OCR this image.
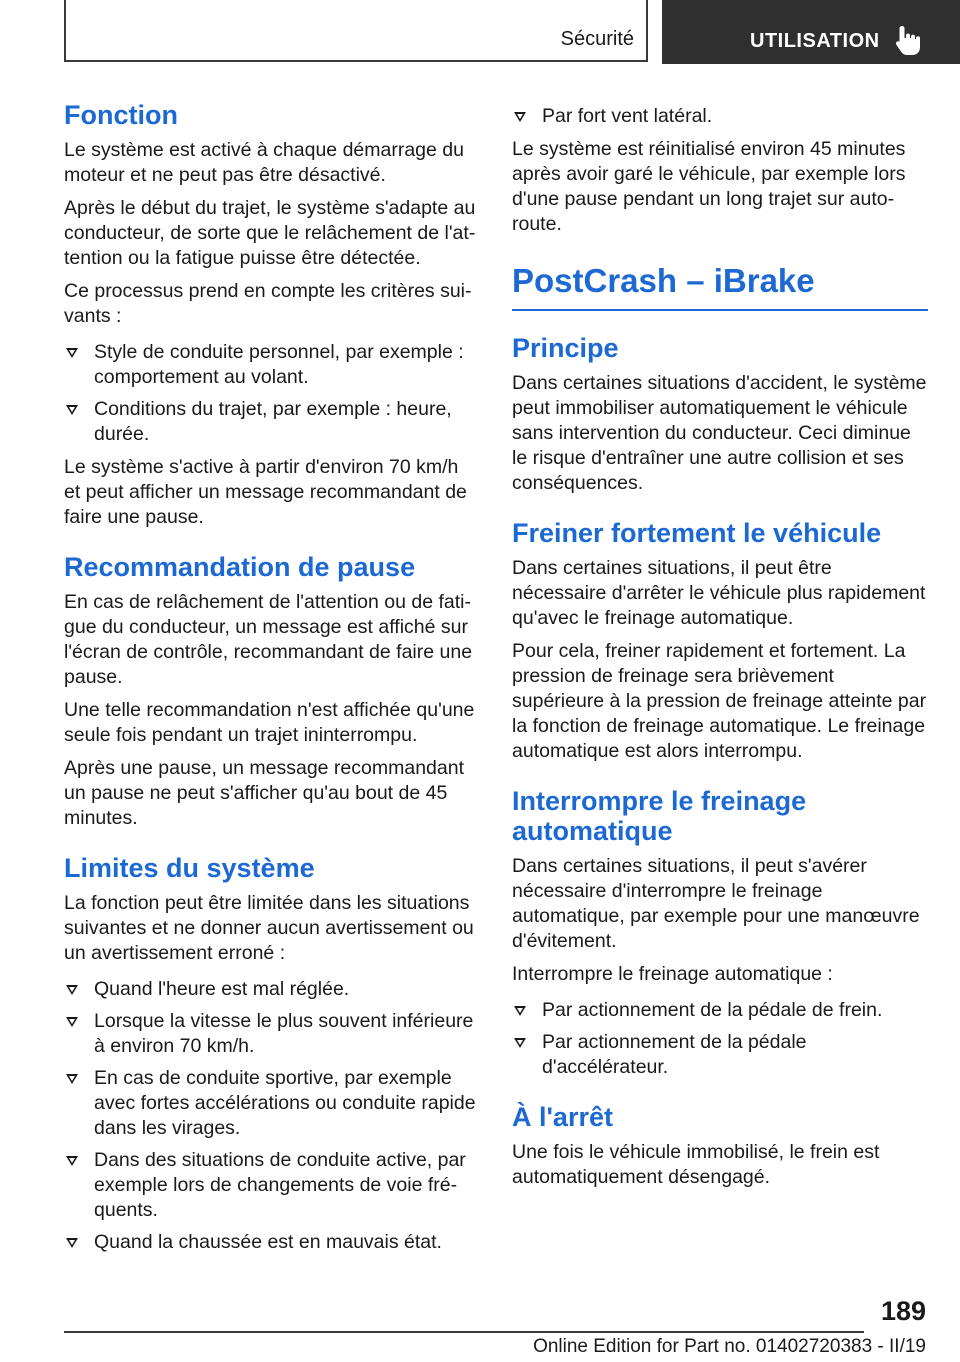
Sécurité	UTILISATION
Fonction

Le système est activé à chaque démarrage du moteur et ne peut pas être désactivé.

Après le début du trajet, le système s'adapte au conducteur, de sorte que le relâchement de l'attention ou la fatigue puisse être détectée.

Ce processus prend en compte les critères suivants :

Style de conduite personnel, par exemple : comportement au volant.
Conditions du trajet, par exemple : heure, durée.

Le système s'active à partir d'environ 70 km/h et peut afficher un message recommandant de faire une pause.

Recommandation de pause

En cas de relâchement de l'attention ou de fatigue du conducteur, un message est affiché sur l'écran de contrôle, recommandant de faire une pause.

Une telle recommandation n'est affichée qu'une seule fois pendant un trajet ininterrompu.

Après une pause, un message recommandant un pause ne peut s'afficher qu'au bout de 45 minutes.

Limites du système

La fonction peut être limitée dans les situations suivantes et ne donner aucun avertissement ou un avertissement erroné :

Quand l'heure est mal réglée.
Lorsque la vitesse le plus souvent inférieure à environ 70 km/h.
En cas de conduite sportive, par exemple avec fortes accélérations ou conduite rapide dans les virages.
Dans des situations de conduite active, par exemple lors de changements de voie fréquents.
Quand la chaussée est en mauvais état.
Par fort vent latéral.

Le système est réinitialisé environ 45 minutes après avoir garé le véhicule, par exemple lors d'une pause pendant un long trajet sur autoroute.

PostCrash – iBrake
Principe

Dans certaines situations d'accident, le système peut immobiliser automatiquement le véhicule sans intervention du conducteur. Ceci diminue le risque d'entraîner une autre collision et ses conséquences.

Freiner fortement le véhicule

Dans certaines situations, il peut être nécessaire d'arrêter le véhicule plus rapidement qu'avec le freinage automatique.

Pour cela, freiner rapidement et fortement. La pression de freinage sera brièvement supérieure à la pression de freinage atteinte par la fonction de freinage automatique. Le freinage automatique est alors interrompu.

Interrompre le freinage automatique

Dans certaines situations, il peut s'avérer nécessaire d'interrompre le freinage automatique, par exemple pour une manœuvre d'évitement.

Interrompre le freinage automatique :

Par actionnement de la pédale de frein.
Par actionnement de la pédale d'accélérateur.
À l'arrêt

Une fois le véhicule immobilisé, le frein est automatiquement désengagé.

189
Online Edition for Part no. 01402720383 - II/19
